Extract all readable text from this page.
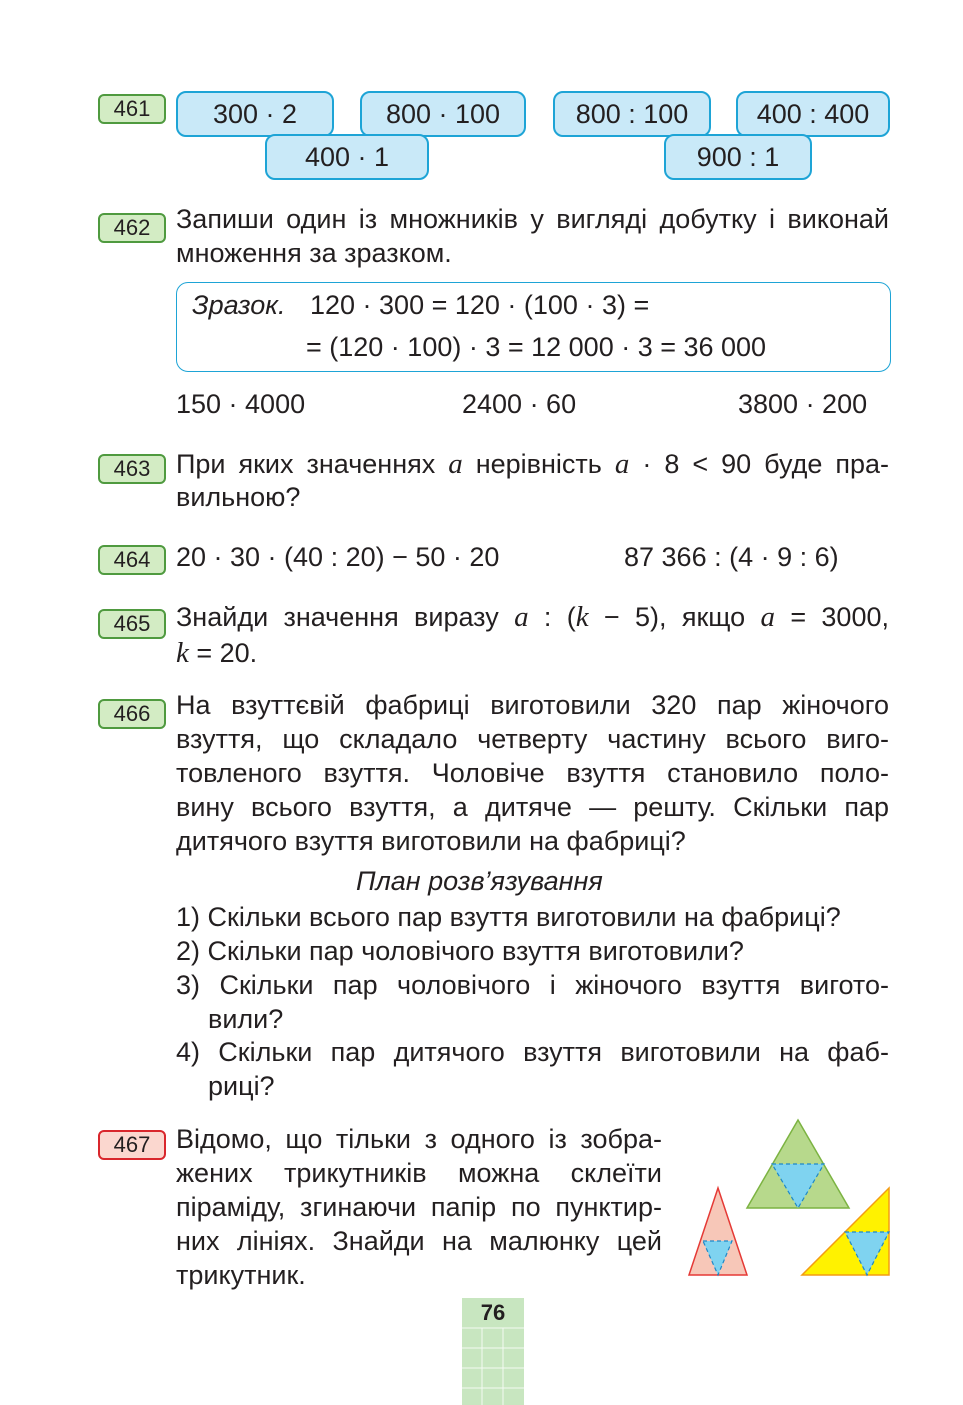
461	300 · 2	800 · 100	800 : 100	400 : 400
400 · 1	900 : 1
462 Запиши один із множників у вигляді добутку і виконай
множення за зразком.
Зразок. 120 · 300 = 120 · (100 · 3) =
= (120 · 100) · 3 = 12 000 · 3 = 36 000
150 · 4000	2400 · 60	3800 · 200
463 При яких значеннях a нерівність a · 8 < 90 буде пра-
вильною?
464 20 · 30 · (40 : 20) − 50 · 20	87 366 : (4 · 9 : 6)
465 Знайди значення виразу a : (k − 5), якщо a = 3000,
k = 20.
466 На взуттєвій фабриці виготовили 320 пар жіночого
взуття, що складало четверту частину всього виго-
товленого взуття. Чоловіче взуття становило поло-
вину всього взуття, а дитяче — решту. Скільки пар
дитячого взуття виготовили на фабриці?
План розв’язування
1) Скільки всього пар взуття виготовили на фабриці?
2) Скільки пар чоловічого взуття виготовили?
3) Скільки пар чоловічого і жіночого взуття вигото-
вили?
4) Скільки пар дитячого взуття виготовили на фаб-
риці?
467 Відомо, що тільки з одного із зобра-
жених трикутників можна склеїти
піраміду, згинаючи папір по пунктир-
них лініях. Знайди на малюнку цей
трикутник.
76
